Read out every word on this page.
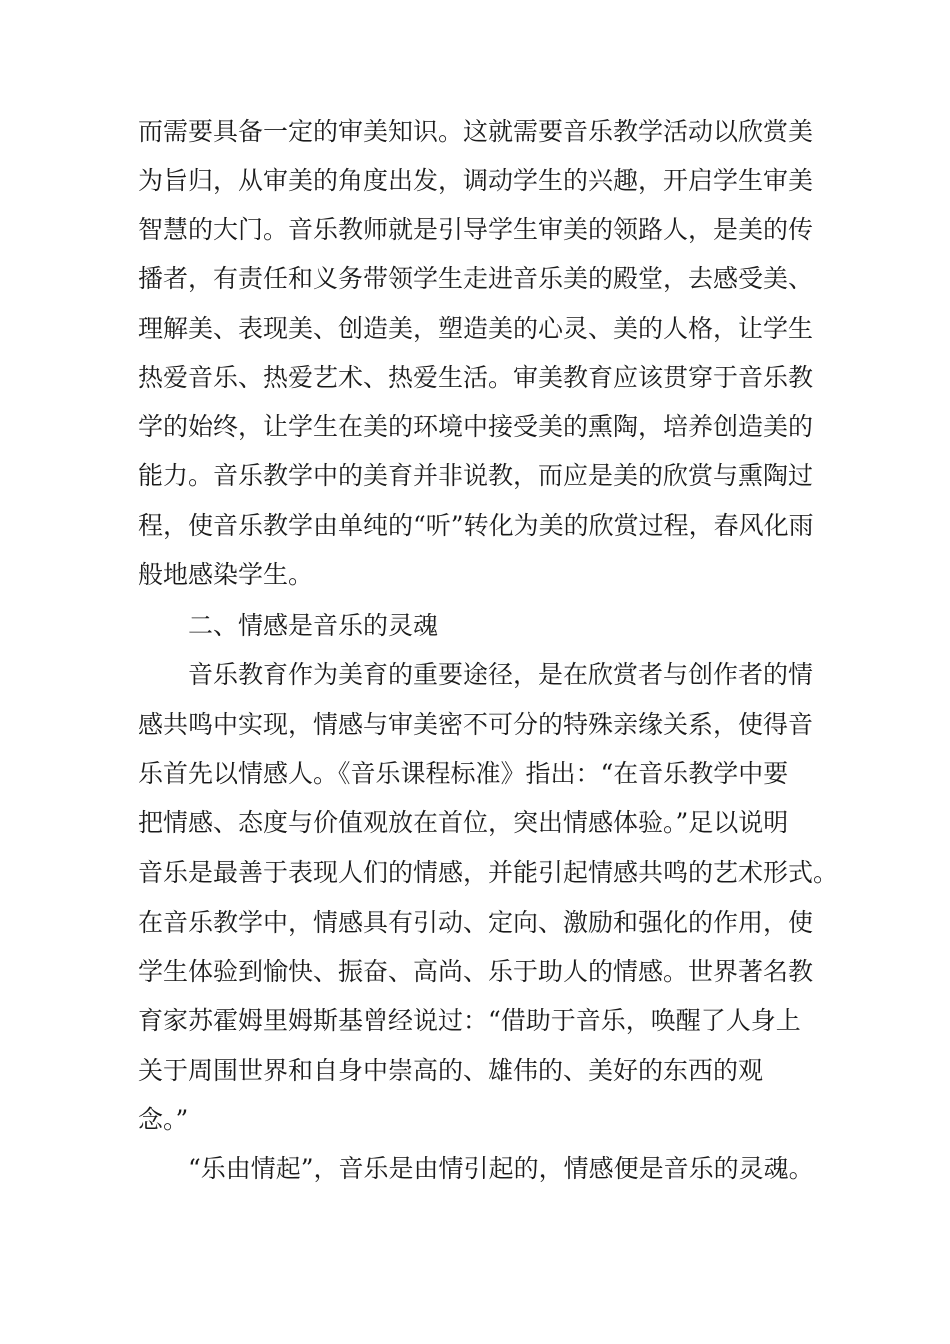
而需要具备一定的审美知识。这就需要音乐教学活动以欣赏美
为旨归，从审美的角度出发，调动学生的兴趣，开启学生审美
智慧的大门。音乐教师就是引导学生审美的领路人，是美的传
播者，有责任和义务带领学生走进音乐美的殿堂，去感受美、
理解美、表现美、创造美，塑造美的心灵、美的人格，让学生
热爱音乐、热爱艺术、热爱生活。审美教育应该贯穿于音乐教
学的始终，让学生在美的环境中接受美的熏陶，培养创造美的
能力。音乐教学中的美育并非说教，而应是美的欣赏与熏陶过
程，使音乐教学由单纯的“听”转化为美的欣赏过程，春风化雨
般地感染学生。
二、情感是音乐的灵魂
音乐教育作为美育的重要途径，是在欣赏者与创作者的情
感共鸣中实现，情感与审美密不可分的特殊亲缘关系，使得音
乐首先以情感人。《音乐课程标准》指出：“在音乐教学中要
把情感、态度与价值观放在首位，突出情感体验。”足以说明
音乐是最善于表现人们的情感，并能引起情感共鸣的艺术形式。
在音乐教学中，情感具有引动、定向、激励和强化的作用，使
学生体验到愉快、振奋、高尚、乐于助人的情感。世界著名教
育家苏霍姆里姆斯基曾经说过：“借助于音乐，唤醒了人身上
关于周围世界和自身中崇高的、雄伟的、美好的东西的观
念。”
“乐由情起”，音乐是由情引起的，情感便是音乐的灵魂。
